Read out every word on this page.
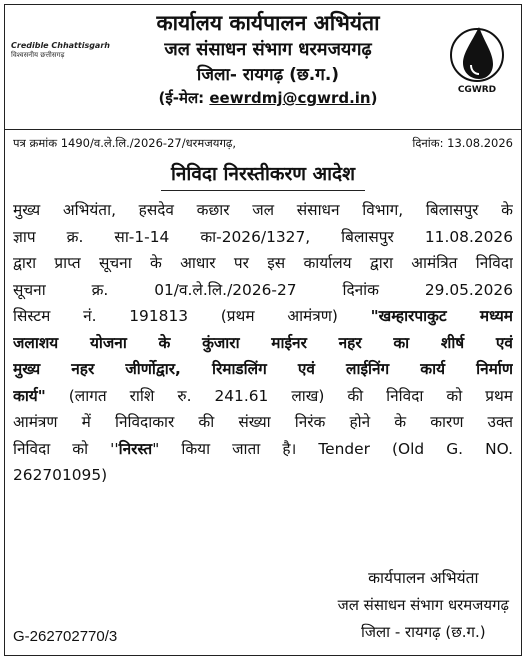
Credible Chhattisgarh
विश्वसनीय छत्तीसगढ़
कार्यालय कार्यपालन अभियंता
जल संसाधन संभाग धरमजयगढ़
जिला- रायगढ़ (छ.ग.)
(ई-मेल: eewrdmj@cgwrd.in)	CGWRD
पत्र क्रमांक 1490/व.ले.लि./2026-27/धरमजयगढ़,	दिनांक: 13.08.2026
निविदा निरस्तीकरण आदेश
मुख्य अभियंता, हसदेव कछार जल संसाधन विभाग, बिलासपुर के
ज्ञाप क्र. सा-1-14 का-2026/1327, बिलासपुर 11.08.2026
द्वारा प्राप्त सूचना के आधार पर इस कार्यालय द्वारा आमंत्रित निविदा
सूचना क्र. 01/व.ले.लि./2026-27 दिनांक 29.05.2026
सिस्टम नं. 191813 (प्रथम आमंत्रण) "खम्हारपाकुट मध्यम
जलाशय योजना के कुंजारा माईनर नहर का शीर्ष एवं
मुख्य नहर जीर्णोद्वार, रिमाडलिंग एवं लाईनिंग कार्य निर्माण
कार्य" (लागत राशि रु. 241.61 लाख) की निविदा को प्रथम
आमंत्रण में निविदाकार की संख्या निरंक होने के कारण उक्त
निविदा को ''निरस्त" किया जाता है। Tender (Old G. NO.
262701095)
कार्यपालन अभियंता
जल संसाधन संभाग धरमजयगढ़
जिला - रायगढ़ (छ.ग.)
G-262702770/3
